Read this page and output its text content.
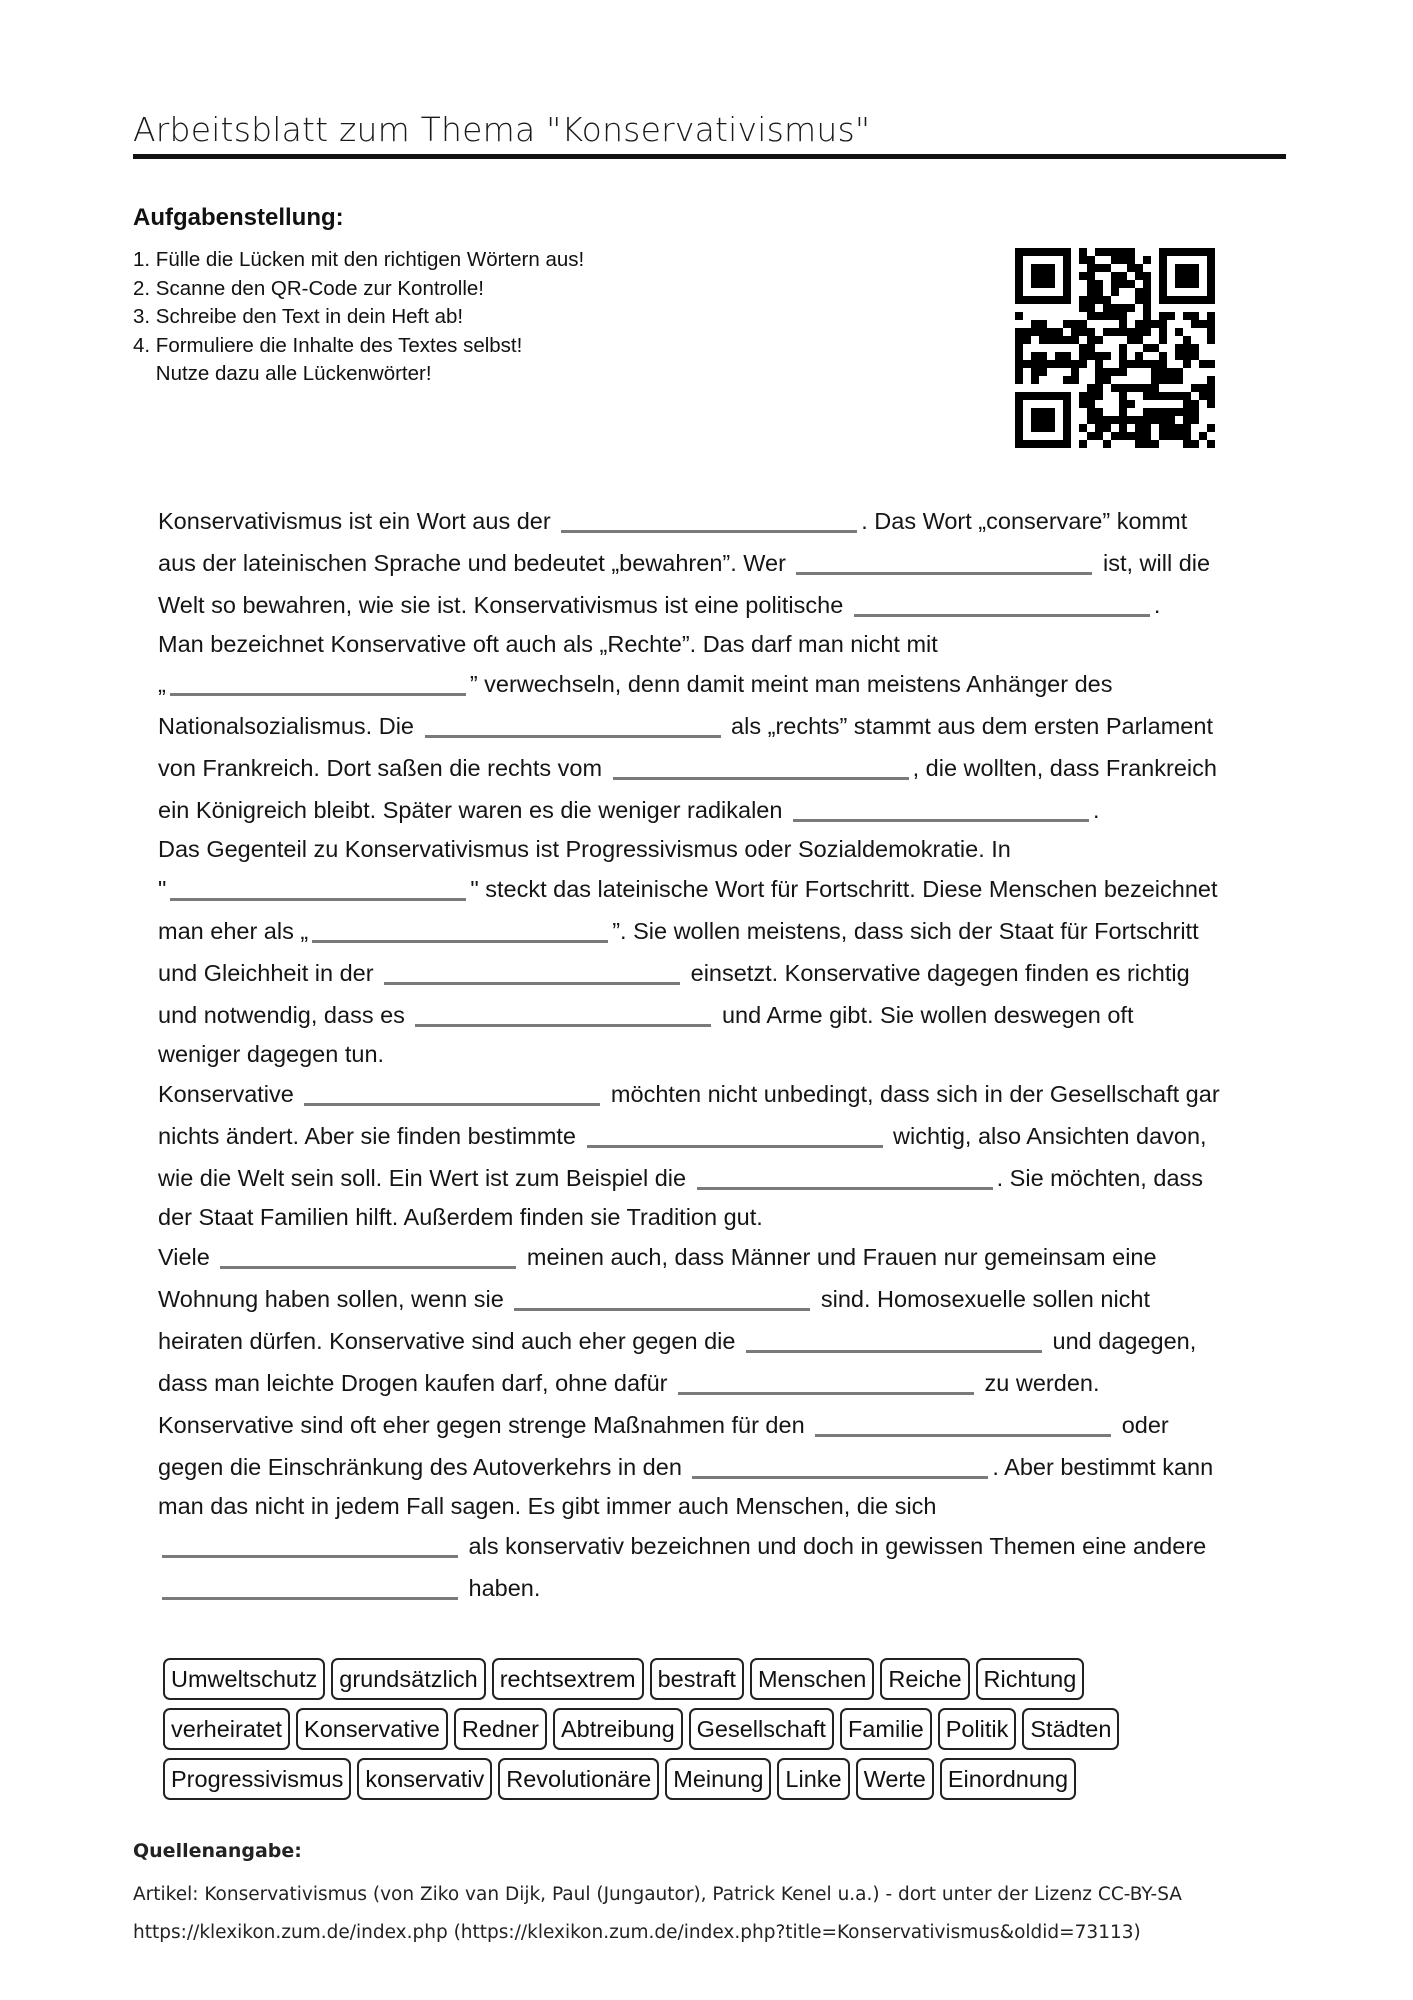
Arbeitsblatt zum Thema "Konservativismus"
Aufgabenstellung:
1. Fülle die Lücken mit den richtigen Wörtern aus!
2. Scanne den QR-Code zur Kontrolle!
3. Schreibe den Text in dein Heft ab!
4. Formuliere die Inhalte des Textes selbst!
Nutze dazu alle Lückenwörter!
Konservativismus ist ein Wort aus der	. Das Wort „conservare” kommt
aus der lateinischen Sprache und bedeutet „bewahren”. Wer	ist, will die
Welt so bewahren, wie sie ist. Konservativismus ist eine politische	.
Man bezeichnet Konservative oft auch als „Rechte”. Das darf man nicht mit
„	” verwechseln, denn damit meint man meistens Anhänger des
Nationalsozialismus. Die	als „rechts” stammt aus dem ersten Parlament
von Frankreich. Dort saßen die rechts vom	, die wollten, dass Frankreich
ein Königreich bleibt. Später waren es die weniger radikalen	.
Das Gegenteil zu Konservativismus ist Progressivismus oder Sozialdemokratie. In
"	" steckt das lateinische Wort für Fortschritt. Diese Menschen bezeichnet
man eher als „	”. Sie wollen meistens, dass sich der Staat für Fortschritt
und Gleichheit in der	einsetzt. Konservative dagegen finden es richtig
und notwendig, dass es	und Arme gibt. Sie wollen deswegen oft
weniger dagegen tun.
Konservative	möchten nicht unbedingt, dass sich in der Gesellschaft gar
nichts ändert. Aber sie finden bestimmte	wichtig, also Ansichten davon,
wie die Welt sein soll. Ein Wert ist zum Beispiel die	. Sie möchten, dass
der Staat Familien hilft. Außerdem finden sie Tradition gut.
Viele	meinen auch, dass Männer und Frauen nur gemeinsam eine
Wohnung haben sollen, wenn sie	sind. Homosexuelle sollen nicht
heiraten dürfen. Konservative sind auch eher gegen die	und dagegen,
dass man leichte Drogen kaufen darf, ohne dafür	zu werden.
Konservative sind oft eher gegen strenge Maßnahmen für den	oder
gegen die Einschränkung des Autoverkehrs in den	. Aber bestimmt kann
man das nicht in jedem Fall sagen. Es gibt immer auch Menschen, die sich
als konservativ bezeichnen und doch in gewissen Themen eine andere
haben.
Umweltschutz grundsätzlich rechtsextrem bestraft Menschen Reiche Richtung
verheiratet Konservative Redner Abtreibung Gesellschaft Familie Politik Städten
Progressivismus konservativ Revolutionäre Meinung Linke Werte Einordnung
Quellenangabe:
Artikel: Konservativismus (von Ziko van Dijk, Paul (Jungautor), Patrick Kenel u.a.) - dort unter der Lizenz CC-BY-SA
https://klexikon.zum.de/index.php (https://klexikon.zum.de/index.php?title=Konservativismus&oldid=73113)
